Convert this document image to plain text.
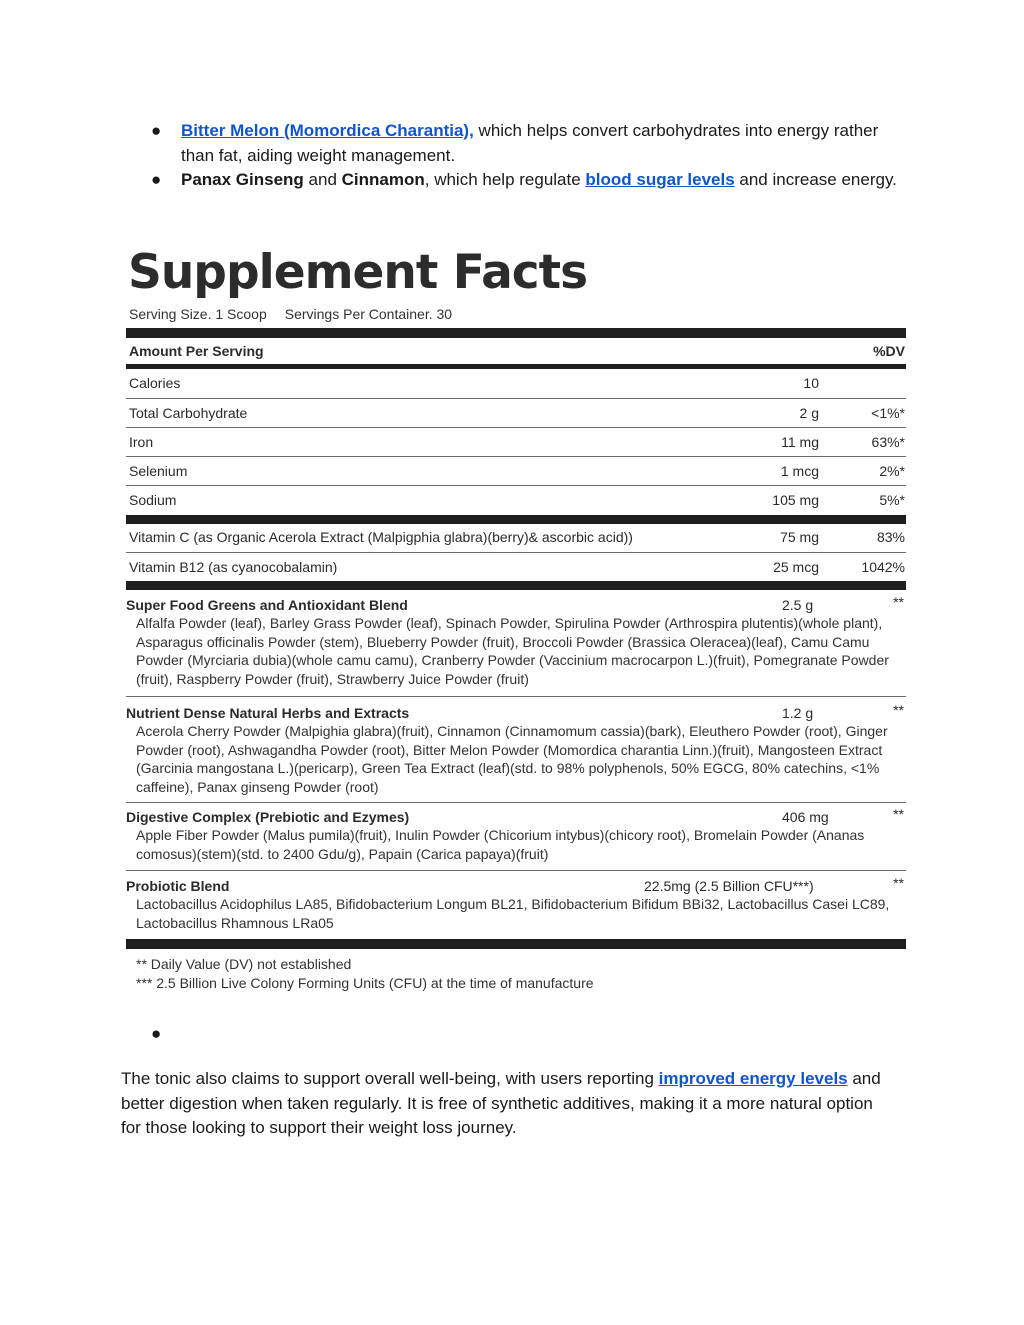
● Bitter Melon (Momordica Charantia), which helps convert carbohydrates into energy rather than fat, aiding weight management.
● Panax Ginseng and Cinnamon, which help regulate blood sugar levels and increase energy.
Supplement Facts
Serving Size. 1 Scoop Servings Per Container. 30
Amount Per Serving	%DV
Calories	10
Total Carbohydrate	2 g	<1%*
Iron	11 mg	63%*
Selenium	1 mcg	2%*
Sodium	105 mg	5%*
Vitamin C (as Organic Acerola Extract (Malpigphia glabra)(berry)& ascorbic acid))	75 mg	83%
Vitamin B12 (as cyanocobalamin)	25 mcg	1042%
Super Food Greens and Antioxidant Blend	2.5 g	**
Alfalfa Powder (leaf), Barley Grass Powder (leaf), Spinach Powder, Spirulina Powder (Arthrospira plutentis)(whole plant), Asparagus officinalis Powder (stem), Blueberry Powder (fruit), Broccoli Powder (Brassica Oleracea)(leaf), Camu Camu Powder (Myrciaria dubia)(whole camu camu), Cranberry Powder (Vaccinium macrocarpon L.)(fruit), Pomegranate Powder (fruit), Raspberry Powder (fruit), Strawberry Juice Powder (fruit)
Nutrient Dense Natural Herbs and Extracts	1.2 g	**
Acerola Cherry Powder (Malpighia glabra)(fruit), Cinnamon (Cinnamomum cassia)(bark), Eleuthero Powder (root), Ginger Powder (root), Ashwagandha Powder (root), Bitter Melon Powder (Momordica charantia Linn.)(fruit), Mangosteen Extract (Garcinia mangostana L.)(pericarp), Green Tea Extract (leaf)(std. to 98% polyphenols, 50% EGCG, 80% catechins, <1% caffeine), Panax ginseng Powder (root)
Digestive Complex (Prebiotic and Ezymes)	406 mg	**
Apple Fiber Powder (Malus pumila)(fruit), Inulin Powder (Chicorium intybus)(chicory root), Bromelain Powder (Ananas comosus)(stem)(std. to 2400 Gdu/g), Papain (Carica papaya)(fruit)
Probiotic Blend	22.5mg (2.5 Billion CFU***)	**
Lactobacillus Acidophilus LA85, Bifidobacterium Longum BL21, Bifidobacterium Bifidum BBi32, Lactobacillus Casei LC89, Lactobacillus Rhamnous LRa05
** Daily Value (DV) not established
*** 2.5 Billion Live Colony Forming Units (CFU) at the time of manufacture
●

The tonic also claims to support overall well-being, with users reporting improved energy levels and better digestion when taken regularly. It is free of synthetic additives, making it a more natural option for those looking to support their weight loss journey.
